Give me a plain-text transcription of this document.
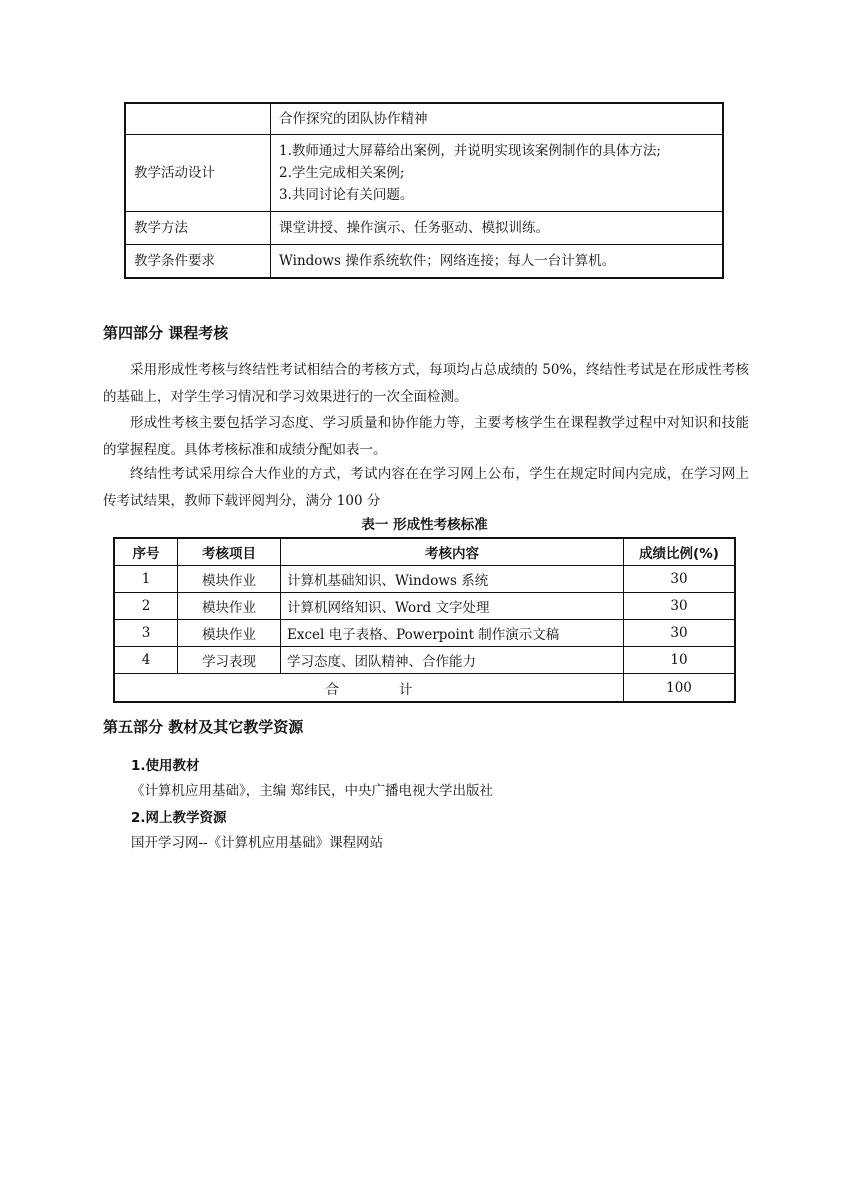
	合作探究的团队协作精神
教学活动设计	1.教师通过大屏幕给出案例，并说明实现该案例制作的具体方法;
2.学生完成相关案例;
3.共同讨论有关问题。

教学方法	课堂讲授、操作演示、任务驱动、模拟训练。
教学条件要求	Windows 操作系统软件；网络连接；每人一台计算机。
第四部分 课程考核
采用形成性考核与终结性考试相结合的考核方式，每项均占总成绩的 50%，终结性考试是在形成性考核的基础上，对学生学习情况和学习效果进行的一次全面检测。
形成性考核主要包括学习态度、学习质量和协作能力等，主要考核学生在课程教学过程中对知识和技能的掌握程度。具体考核标准和成绩分配如表一。
终结性考试采用综合大作业的方式，考试内容在在学习网上公布，学生在规定时间内完成，在学习网上传考试结果，教师下载评阅判分，满分 100 分
表一 形成性考核标准
序号	考核项目	考核内容	成绩比例(%)
1	模块作业	计算机基础知识、Windows 系统	30
2	模块作业	计算机网络知识、Word 文字处理	30
3	模块作业	Excel 电子表格、Powerpoint 制作演示文稿	30
4	学习表现	学习态度、团队精神、合作能力	10
合              计			100
第五部分 教材及其它教学资源
1.使用教材
《计算机应用基础》，主编 郑纬民，中央广播电视大学出版社
2.网上教学资源
国开学习网--《计算机应用基础》课程网站
